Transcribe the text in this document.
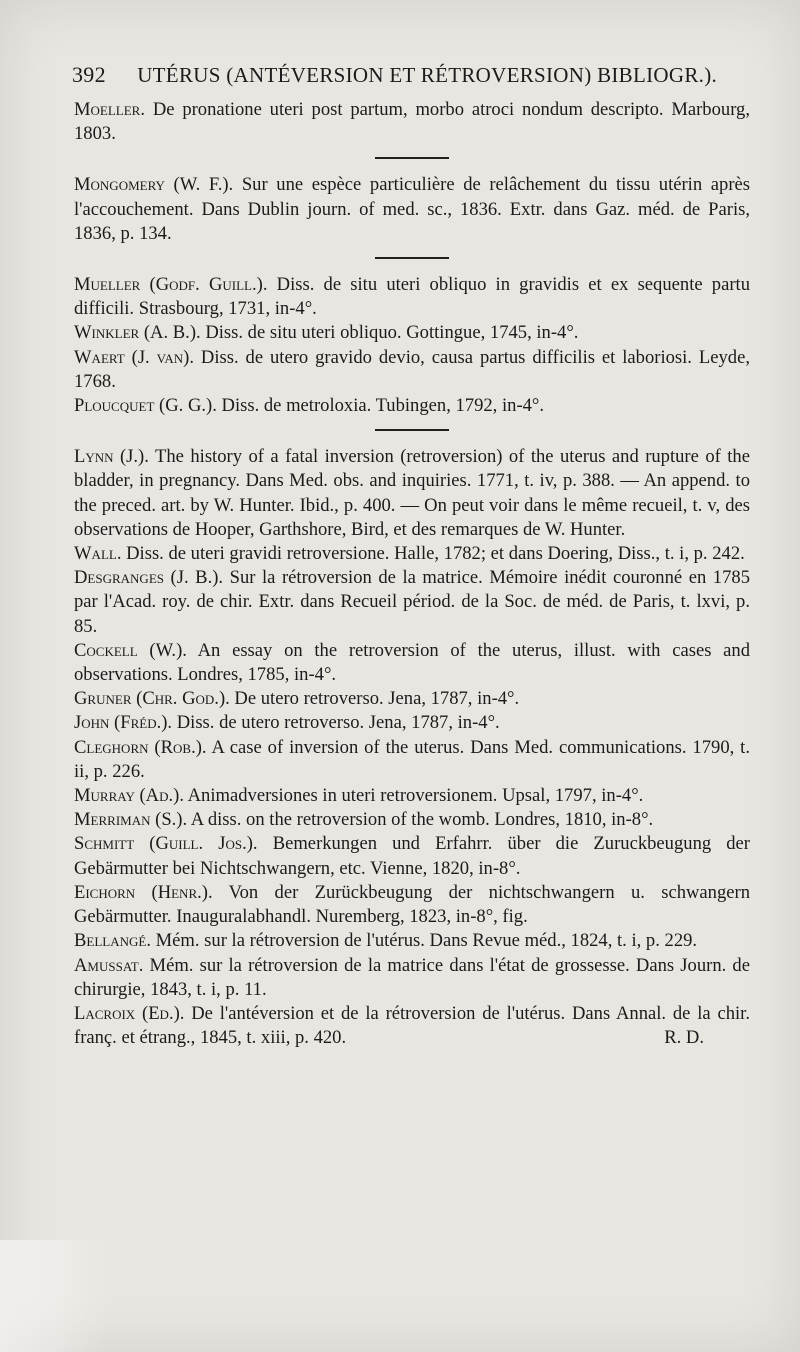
392 UTÉRUS (ANTÉVERSION ET RÉTROVERSION) BIBLIOGR.).
Moeller. De pronatione uteri post partum, morbo atroci nondum descripto. Marbourg, 1803.
Mongomery (W. F.). Sur une espèce particulière de relâchement du tissu utérin après l'accouchement. Dans Dublin journ. of med. sc., 1836. Extr. dans Gaz. méd. de Paris, 1836, p. 134.
Mueller (Godf. Guill.). Diss. de situ uteri obliquo in gravidis et ex sequente partu difficili. Strasbourg, 1731, in-4°.
Winkler (A. B.). Diss. de situ uteri obliquo. Gottingue, 1745, in-4°.
Waert (J. van). Diss. de utero gravido devio, causa partus difficilis et laboriosi. Leyde, 1768.
Ploucquet (G. G.). Diss. de metroloxia. Tubingen, 1792, in-4°.
Lynn (J.). The history of a fatal inversion (retroversion) of the uterus and rupture of the bladder, in pregnancy. Dans Med. obs. and inquiries. 1771, t. iv, p. 388. — An append. to the preced. art. by W. Hunter. Ibid., p. 400. — On peut voir dans le même recueil, t. v, des observations de Hooper, Garthshore, Bird, et des remarques de W. Hunter.
Wall. Diss. de uteri gravidi retroversione. Halle, 1782; et dans Doering, Diss., t. i, p. 242.
Desgranges (J. B.). Sur la rétroversion de la matrice. Mémoire inédit couronné en 1785 par l'Acad. roy. de chir. Extr. dans Recueil périod. de la Soc. de méd. de Paris, t. lxvi, p. 85.
Cockell (W.). An essay on the retroversion of the uterus, illust. with cases and observations. Londres, 1785, in-4°.
Gruner (Chr. God.). De utero retroverso. Jena, 1787, in-4°.
John (Fréd.). Diss. de utero retroverso. Jena, 1787, in-4°.
Cleghorn (Rob.). A case of inversion of the uterus. Dans Med. communications. 1790, t. ii, p. 226.
Murray (Ad.). Animadversiones in uteri retroversionem. Upsal, 1797, in-4°.
Merriman (S.). A diss. on the retroversion of the womb. Londres, 1810, in-8°.
Schmitt (Guill. Jos.). Bemerkungen und Erfahrr. über die Zuruckbeugung der Gebärmutter bei Nichtschwangern, etc. Vienne, 1820, in-8°.
Eichorn (Henr.). Von der Zurückbeugung der nichtschwangern u. schwangern Gebärmutter. Inauguralabhandl. Nuremberg, 1823, in-8°, fig.
Bellangé. Mém. sur la rétroversion de l'utérus. Dans Revue méd., 1824, t. i, p. 229.
Amussat. Mém. sur la rétroversion de la matrice dans l'état de grossesse. Dans Journ. de chirurgie, 1843, t. i, p. 11.
Lacroix (Ed.). De l'antéversion et de la rétroversion de l'utérus. Dans Annal. de la chir. franç. et étrang., 1845, t. xiii, p. 420.	R. D.
